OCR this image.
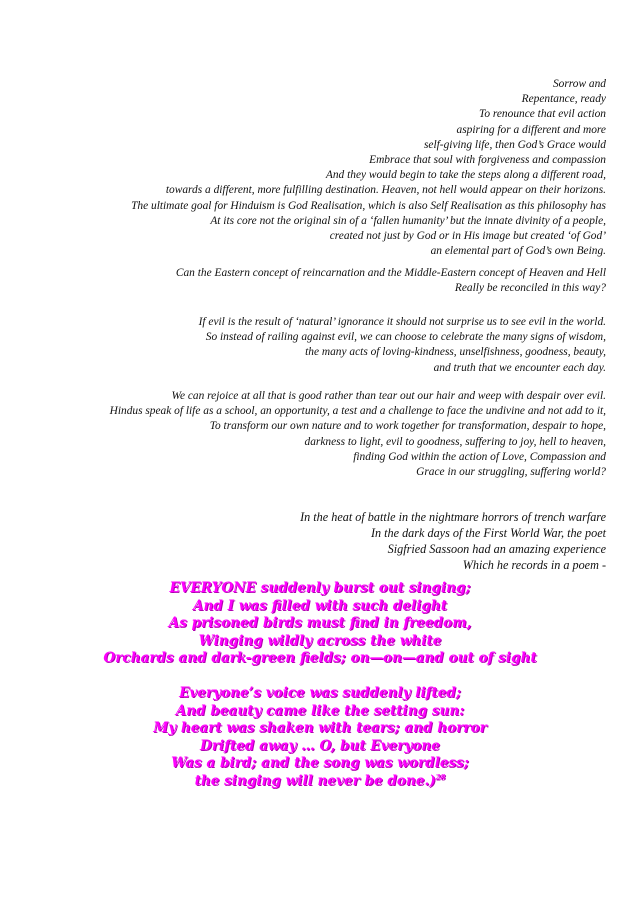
Sorrow and
Repentance, ready
To renounce that evil action
aspiring for a different and more
self-giving life, then God’s Grace would
Embrace that soul with forgiveness and compassion
And they would begin to take the steps along a different road,
towards a different, more fulfilling destination. Heaven, not hell would appear on their horizons.
The ultimate goal for Hinduism is God Realisation, which is also Self Realisation as this philosophy has
At its core not the original sin of a ‘fallen humanity’ but the innate divinity of a people,
created not just by God or in His image but created ‘of God’
an elemental part of God’s own Being.
Can the Eastern concept of reincarnation and the Middle-Eastern concept of Heaven and Hell
Really be reconciled in this way?
If evil is the result of ‘natural’ ignorance it should not surprise us to see evil in the world.
So instead of railing against evil, we can choose to celebrate the many signs of wisdom,
the many acts of loving-kindness, unselfishness, goodness, beauty,
and truth that we encounter each day.
We can rejoice at all that is good rather than tear out our hair and weep with despair over evil.
Hindus speak of life as a school, an opportunity, a test and a challenge to face the undivine and not add to it,
To transform our own nature and to work together for transformation, despair to hope,
darkness to light, evil to goodness, suffering to joy, hell to heaven,
finding God within the action of Love, Compassion and
Grace in our struggling, suffering world?
In the heat of battle in the nightmare horrors of trench warfare
In the dark days of the First World War, the poet
Sigfried Sassoon had an amazing experience
Which he records in a poem -
EVERYONE suddenly burst out singing;
And I was filled with such delight
As prisoned birds must find in freedom,
Winging wildly across the white
Orchards and dark-green fields; on—on—and out of sight
Everyone’s voice was suddenly lifted;
And beauty came like the setting sun:
My heart was shaken with tears; and horror
Drifted away … O, but Everyone
Was a bird; and the song was wordless;
the singing will never be done.)$^{28}$
